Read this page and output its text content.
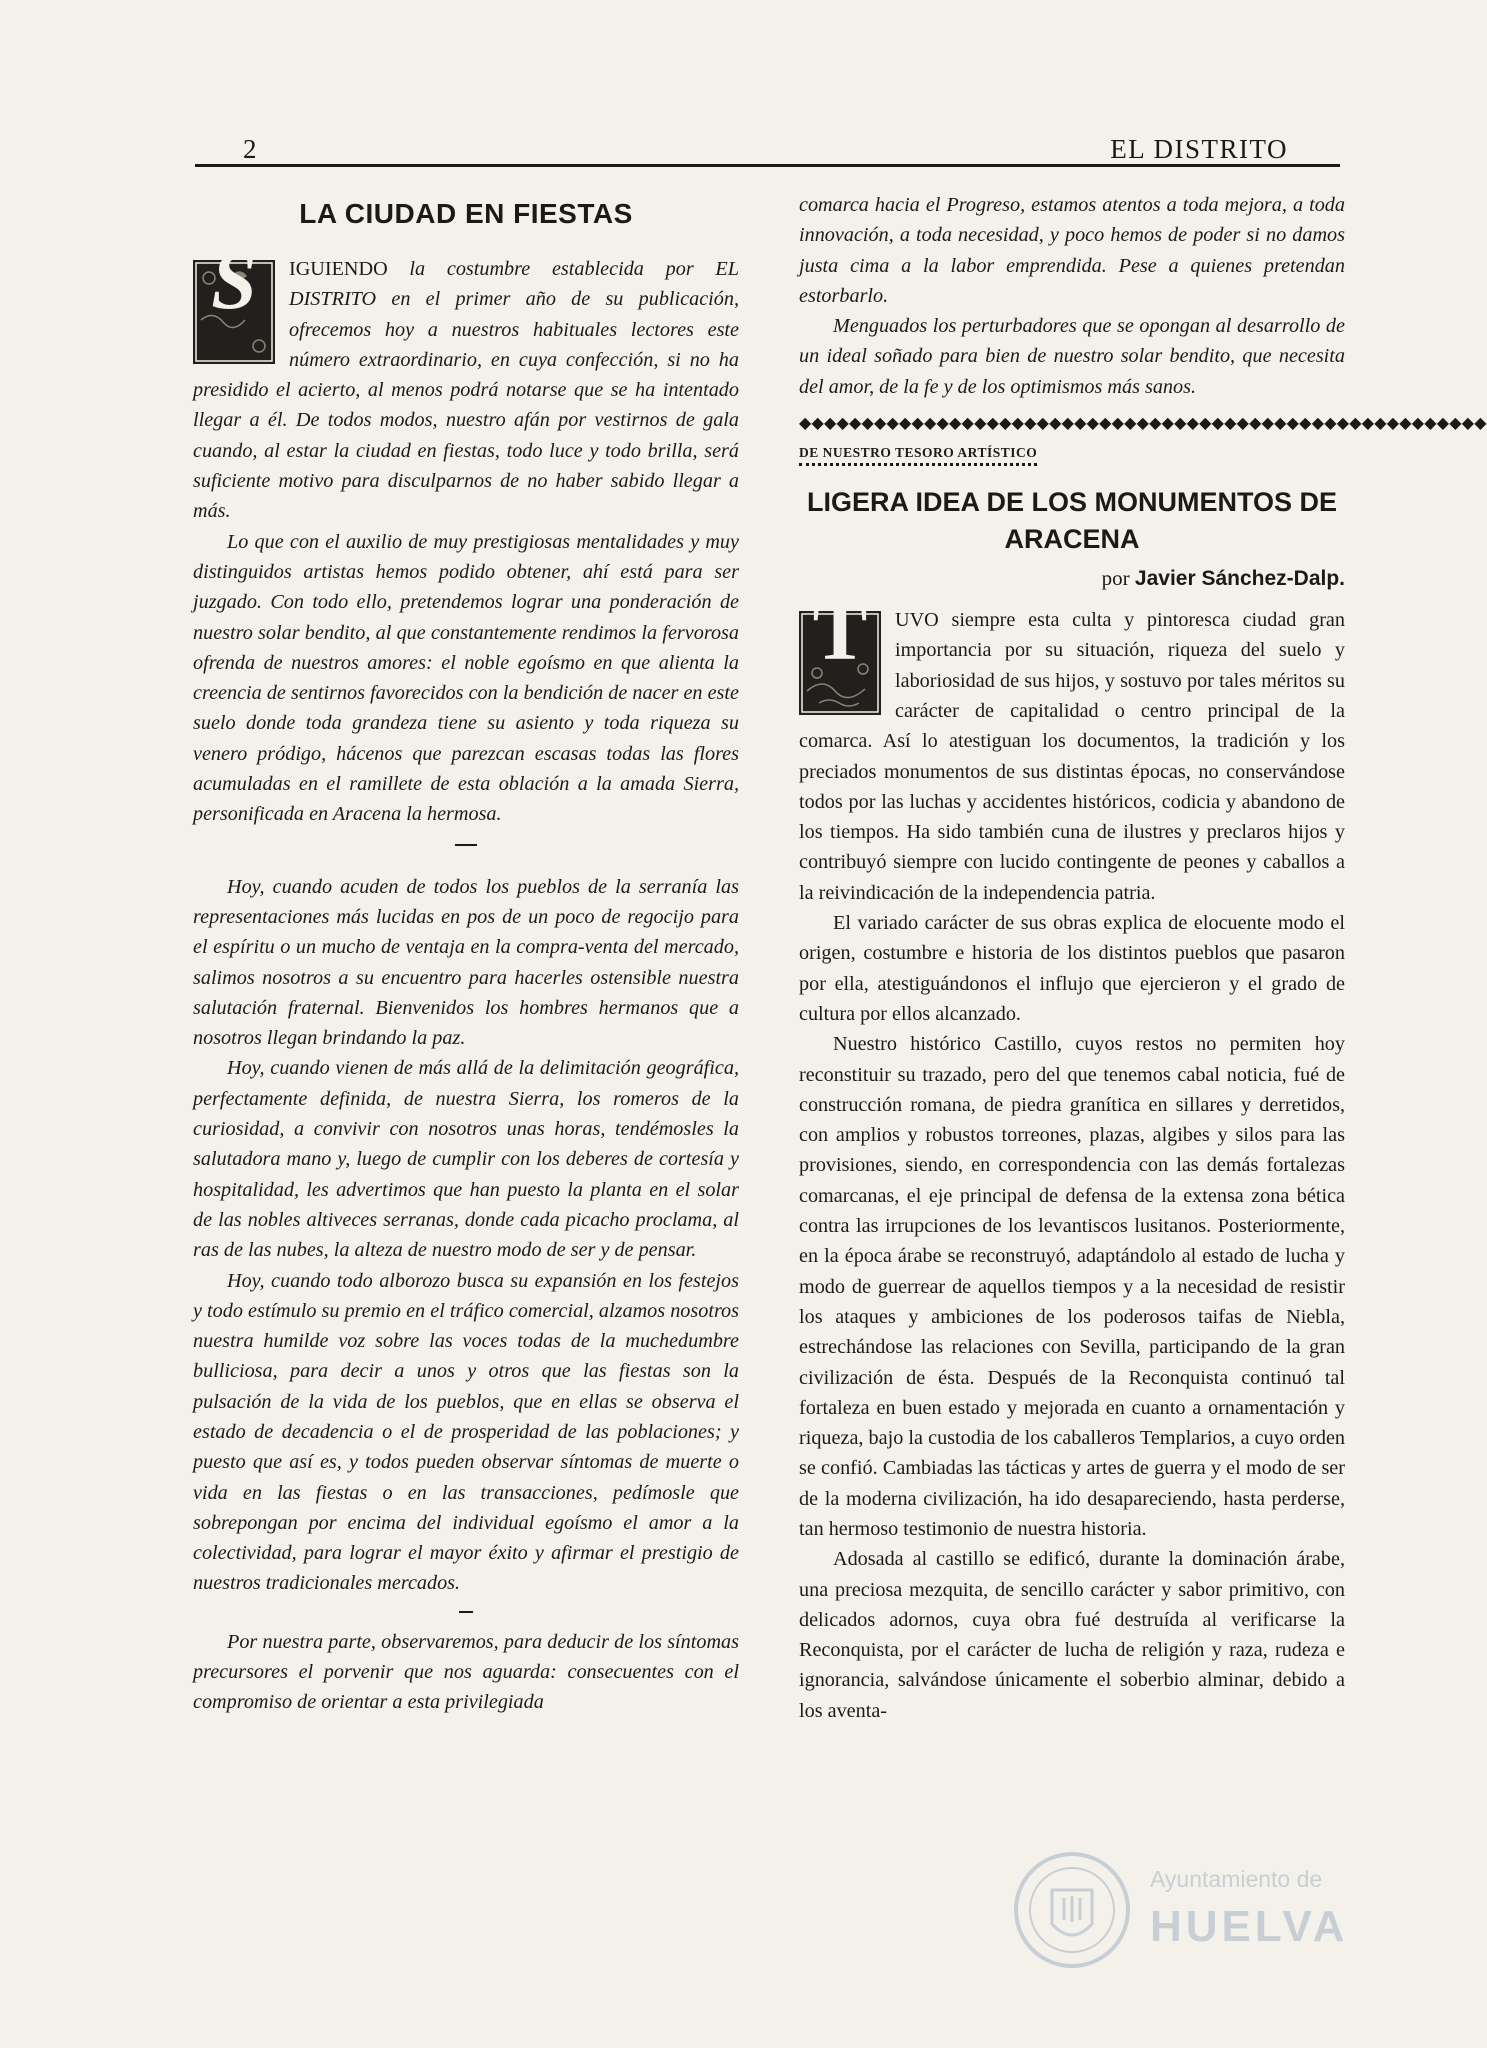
2	EL DISTRITO
LA CIUDAD EN FIESTAS

S	IGUIENDO la costumbre establecida por EL DISTRITO en el primer año de su publicación, ofrecemos hoy a nuestros habituales lectores este número extraordinario, en cuya confección, si no ha presidido el acierto, al menos podrá notarse que se ha intentado llegar a él. De todos modos, nuestro afán por vestirnos de gala cuando, al estar la ciudad en fiestas, todo luce y todo brilla, será suficiente motivo para disculparnos de no haber sabido llegar a más.

Lo que con el auxilio de muy prestigiosas mentalidades y muy distinguidos artistas hemos podido obtener, ahí está para ser juzgado. Con todo ello, pretendemos lograr una ponderación de nuestro solar bendito, al que constantemente rendimos la fervorosa ofrenda de nuestros amores: el noble egoísmo en que alienta la creencia de sentirnos favorecidos con la bendición de nacer en este suelo donde toda grandeza tiene su asiento y toda riqueza su venero pródigo, hácenos que parezcan escasas todas las flores acumuladas en el ramillete de esta oblación a la amada Sierra, personificada en Aracena la hermosa.

Hoy, cuando acuden de todos los pueblos de la serranía las representaciones más lucidas en pos de un poco de regocijo para el espíritu o un mucho de ventaja en la compra-venta del mercado, salimos nosotros a su encuentro para hacerles ostensible nuestra salutación fraternal. Bienvenidos los hombres hermanos que a nosotros llegan brindando la paz.

Hoy, cuando vienen de más allá de la delimitación geográfica, perfectamente definida, de nuestra Sierra, los romeros de la curiosidad, a convivir con nosotros unas horas, tendémosles la salutadora mano y, luego de cumplir con los deberes de cortesía y hospitalidad, les advertimos que han puesto la planta en el solar de las nobles altiveces serranas, donde cada picacho proclama, al ras de las nubes, la alteza de nuestro modo de ser y de pensar.

Hoy, cuando todo alborozo busca su expansión en los festejos y todo estímulo su premio en el tráfico comercial, alzamos nosotros nuestra humilde voz sobre las voces todas de la muchedumbre bulliciosa, para decir a unos y otros que las fiestas son la pulsación de la vida de los pueblos, que en ellas se observa el estado de decadencia o el de prosperidad de las poblaciones; y puesto que así es, y todos pueden observar síntomas de muerte o vida en las fiestas o en las transacciones, pedímosle que sobrepongan por encima del individual egoísmo el amor a la colectividad, para lograr el mayor éxito y afirmar el prestigio de nuestros tradicionales mercados.

Por nuestra parte, observaremos, para deducir de los síntomas precursores el porvenir que nos aguarda: consecuentes con el compromiso de orientar a esta privilegiada

comarca hacia el Progreso, estamos atentos a toda mejora, a toda innovación, a toda necesidad, y poco hemos de poder si no damos justa cima a la labor emprendida. Pese a quienes pretendan estorbarlo.

Menguados los perturbadores que se opongan al desarrollo de un ideal soñado para bien de nuestro solar bendito, que necesita del amor, de la fe y de los optimismos más sanos.

◆◆◆◆◆◆◆◆◆◆◆◆◆◆◆◆◆◆◆◆◆◆◆◆◆◆◆◆◆◆◆◆◆◆◆◆◆◆◆◆◆◆◆◆◆◆◆◆◆◆◆◆◆◆◆
DE NUESTRO TESORO ARTÍSTICO
LIGERA IDEA DE LOS MONUMENTOS DE ARACENA
por Javier Sánchez-Dalp.

T	UVO siempre esta culta y pintoresca ciudad gran importancia por su situación, riqueza del suelo y laboriosidad de sus hijos, y sostuvo por tales méritos su carácter de capitalidad o centro principal de la comarca. Así lo atestiguan los documentos, la tradición y los preciados monumentos de sus distintas épocas, no conservándose todos por las luchas y accidentes históricos, codicia y abandono de los tiempos. Ha sido también cuna de ilustres y preclaros hijos y contribuyó siempre con lucido contingente de peones y caballos a la reivindicación de la independencia patria.

El variado carácter de sus obras explica de elocuente modo el origen, costumbre e historia de los distintos pueblos que pasaron por ella, atestiguándonos el influjo que ejercieron y el grado de cultura por ellos alcanzado.

Nuestro histórico Castillo, cuyos restos no permiten hoy reconstituir su trazado, pero del que tenemos cabal noticia, fué de construcción romana, de piedra granítica en sillares y derretidos, con amplios y robustos torreones, plazas, algibes y silos para las provisiones, siendo, en correspondencia con las demás fortalezas comarcanas, el eje principal de defensa de la extensa zona bética contra las irrupciones de los levantiscos lusitanos. Posteriormente, en la época árabe se reconstruyó, adaptándolo al estado de lucha y modo de guerrear de aquellos tiempos y a la necesidad de resistir los ataques y ambiciones de los poderosos taifas de Niebla, estrechándose las relaciones con Sevilla, participando de la gran civilización de ésta. Después de la Reconquista continuó tal fortaleza en buen estado y mejorada en cuanto a ornamentación y riqueza, bajo la custodia de los caballeros Templarios, a cuyo orden se confió. Cambiadas las tácticas y artes de guerra y el modo de ser de la moderna civilización, ha ido desapareciendo, hasta perderse, tan hermoso testimonio de nuestra historia.

Adosada al castillo se edificó, durante la dominación árabe, una preciosa mezquita, de sencillo carácter y sabor primitivo, con delicados adornos, cuya obra fué destruída al verificarse la Reconquista, por el carácter de lucha de religión y raza, rudeza e ignorancia, salvándose únicamente el soberbio alminar, debido a los aventa-

Ayuntamiento de
HUELVA
